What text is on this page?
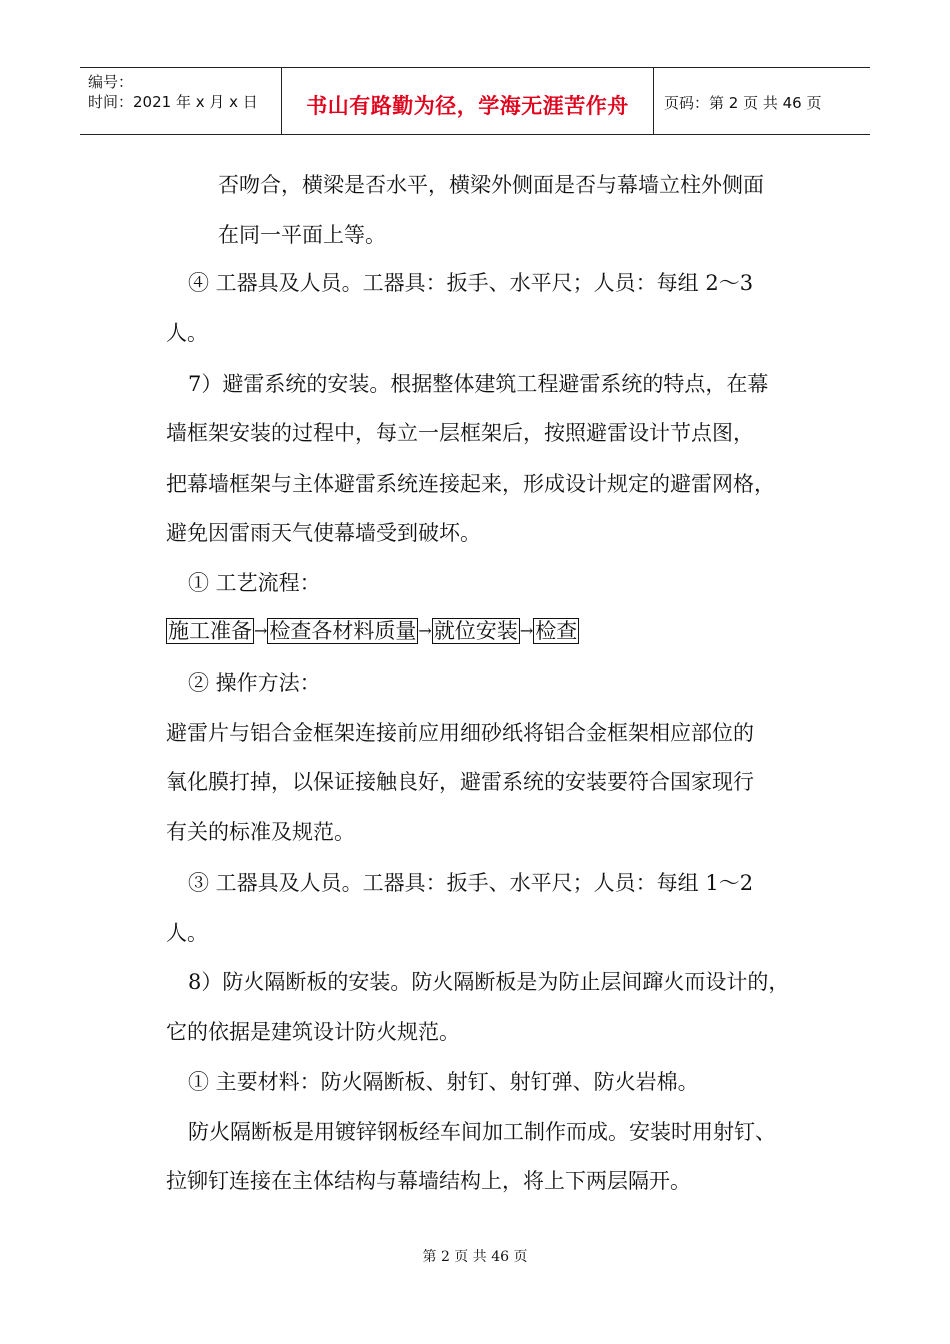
编号：
时间：2021 年 x 月 x 日	书山有路勤为径，学海无涯苦作舟	页码：第 2 页 共 46 页

否吻合，横梁是否水平，横梁外侧面是否与幕墙立柱外侧面

在同一平面上等。

④ 工器具及人员。工器具：扳手、水平尺；人员：每组 2～3

人。

7）避雷系统的安装。根据整体建筑工程避雷系统的特点，在幕

墙框架安装的过程中，每立一层框架后，按照避雷设计节点图，

把幕墙框架与主体避雷系统连接起来，形成设计规定的避雷网格，

避免因雷雨天气使幕墙受到破坏。

① 工艺流程：

施工准备 → 检查各材料质量 → 就位安装 → 检查

② 操作方法：

避雷片与铝合金框架连接前应用细砂纸将铝合金框架相应部位的

氧化膜打掉，以保证接触良好，避雷系统的安装要符合国家现行

有关的标准及规范。

③ 工器具及人员。工器具：扳手、水平尺；人员：每组 1～2

人。

8）防火隔断板的安装。防火隔断板是为防止层间蹿火而设计的，

它的依据是建筑设计防火规范。

① 主要材料：防火隔断板、射钉、射钉弹、防火岩棉。

防火隔断板是用镀锌钢板经车间加工制作而成。安装时用射钉、

拉铆钉连接在主体结构与幕墙结构上，将上下两层隔开。

第 2 页 共 46 页
